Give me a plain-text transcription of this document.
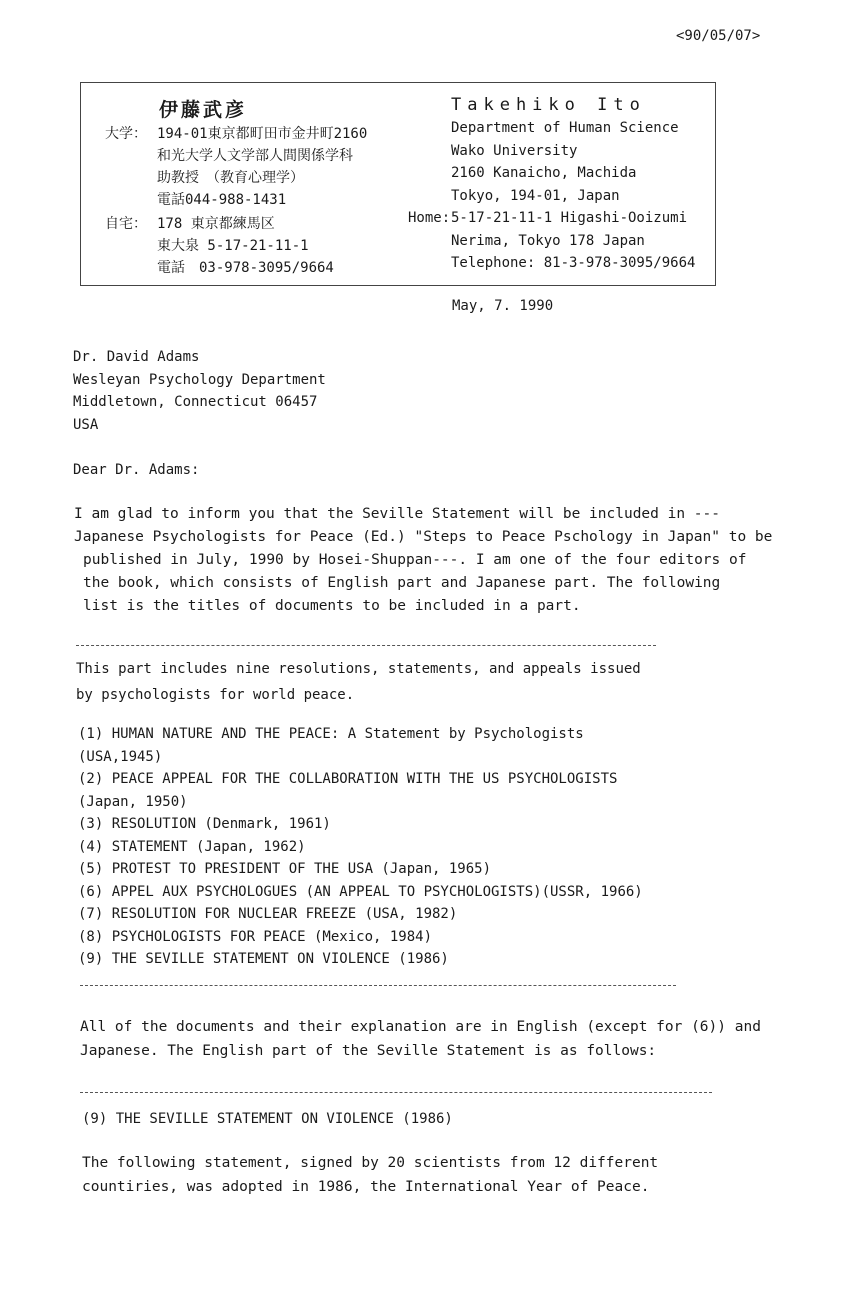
<90/05/07>
伊藤武彦
大学： 194-01東京都町田市金井町2160
和光大学人文学部人間関係学科
助教授　（教育心理学）
電話044-988-1431
自宅： 178 東京都練馬区
東大泉 5-17-21-11-1
電話　03-978-3095/9664
Takehiko Ito
Department of Human Science
Wako University
2160 Kanaicho, Machida
Tokyo, 194-01, Japan
Home: 5-17-21-11-1 Higashi-Ooizumi
Nerima, Tokyo 178 Japan
Telephone: 81-3-978-3095/9664
May, 7. 1990
Dr. David Adams
Wesleyan Psychology Department
Middletown, Connecticut 06457
USA
Dear Dr. Adams:
I am glad to inform you that the Seville Statement will be included in ---
Japanese Psychologists for Peace (Ed.) "Steps to Peace Pschology in Japan" to be
published in July, 1990 by Hosei-Shuppan---. I am one of the four editors of
the book, which consists of English part and Japanese part. The following
list is the titles of documents to be included in a part.
This part includes nine resolutions, statements, and appeals issued
by psychologists for world peace.
(1) HUMAN NATURE AND THE PEACE: A Statement by Psychologists
(USA,1945)
(2) PEACE APPEAL FOR THE COLLABORATION WITH THE US PSYCHOLOGISTS
(Japan, 1950)
(3) RESOLUTION (Denmark, 1961)
(4) STATEMENT (Japan, 1962)
(5) PROTEST TO PRESIDENT OF THE USA (Japan, 1965)
(6) APPEL AUX PSYCHOLOGUES (AN APPEAL TO PSYCHOLOGISTS)(USSR, 1966)
(7) RESOLUTION FOR NUCLEAR FREEZE (USA, 1982)
(8) PSYCHOLOGISTS FOR PEACE (Mexico, 1984)
(9) THE SEVILLE STATEMENT ON VIOLENCE (1986)
All of the documents and their explanation are in English (except for (6)) and
Japanese. The English part of the Seville Statement is as follows:
(9) THE SEVILLE STATEMENT ON VIOLENCE (1986)
The following statement, signed by 20 scientists from 12 different
countiries, was adopted in 1986, the International Year of Peace.
